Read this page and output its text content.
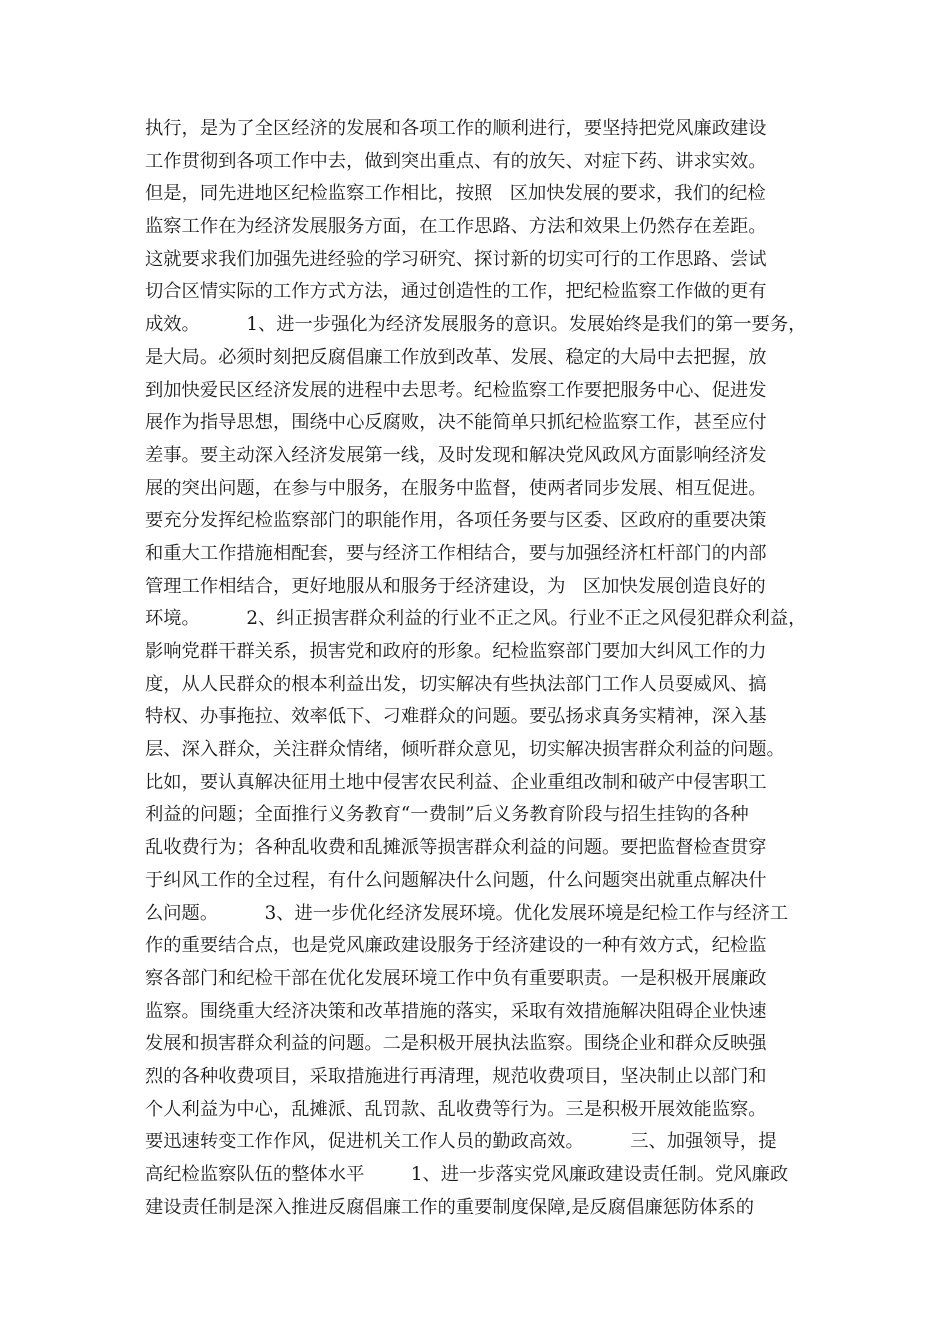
执行，是为了全区经济的发展和各项工作的顺利进行，要坚持把党风廉政建设
工作贯彻到各项工作中去，做到突出重点、有的放矢、对症下药、讲求实效。
但是，同先进地区纪检监察工作相比，按照   区加快发展的要求，我们的纪检
监察工作在为经济发展服务方面，在工作思路、方法和效果上仍然存在差距。
这就要求我们加强先进经验的学习研究、探讨新的切实可行的工作思路、尝试
切合区情实际的工作方式方法，通过创造性的工作，把纪检监察工作做的更有
成效。        1、进一步强化为经济发展服务的意识。发展始终是我们的第一要务，
是大局。必须时刻把反腐倡廉工作放到改革、发展、稳定的大局中去把握，放
到加快爱民区经济发展的进程中去思考。纪检监察工作要把服务中心、促进发
展作为指导思想，围绕中心反腐败，决不能简单只抓纪检监察工作，甚至应付
差事。要主动深入经济发展第一线，及时发现和解决党风政风方面影响经济发
展的突出问题，在参与中服务，在服务中监督，使两者同步发展、相互促进。
要充分发挥纪检监察部门的职能作用，各项任务要与区委、区政府的重要决策
和重大工作措施相配套，要与经济工作相结合，要与加强经济杠杆部门的内部
管理工作相结合，更好地服从和服务于经济建设，为   区加快发展创造良好的
环境。        2、纠正损害群众利益的行业不正之风。行业不正之风侵犯群众利益，
影响党群干群关系，损害党和政府的形象。纪检监察部门要加大纠风工作的力
度，从人民群众的根本利益出发，切实解决有些执法部门工作人员耍威风、搞
特权、办事拖拉、效率低下、刁难群众的问题。要弘扬求真务实精神，深入基
层、深入群众，关注群众情绪，倾听群众意见，切实解决损害群众利益的问题。
比如，要认真解决征用土地中侵害农民利益、企业重组改制和破产中侵害职工
利益的问题；全面推行义务教育“一费制”后义务教育阶段与招生挂钩的各种
乱收费行为；各种乱收费和乱摊派等损害群众利益的问题。要把监督检查贯穿
于纠风工作的全过程，有什么问题解决什么问题，什么问题突出就重点解决什
么问题。        3、进一步优化经济发展环境。优化发展环境是纪检工作与经济工
作的重要结合点，也是党风廉政建设服务于经济建设的一种有效方式，纪检监
察各部门和纪检干部在优化发展环境工作中负有重要职责。一是积极开展廉政
监察。围绕重大经济决策和改革措施的落实，采取有效措施解决阻碍企业快速
发展和损害群众利益的问题。二是积极开展执法监察。围绕企业和群众反映强
烈的各种收费项目，采取措施进行再清理，规范收费项目，坚决制止以部门和
个人利益为中心，乱摊派、乱罚款、乱收费等行为。三是积极开展效能监察。
要迅速转变工作作风，促进机关工作人员的勤政高效。        三、加强领导，提
高纪检监察队伍的整体水平        1、进一步落实党风廉政建设责任制。党风廉政
建设责任制是深入推进反腐倡廉工作的重要制度保障,是反腐倡廉惩防体系的
